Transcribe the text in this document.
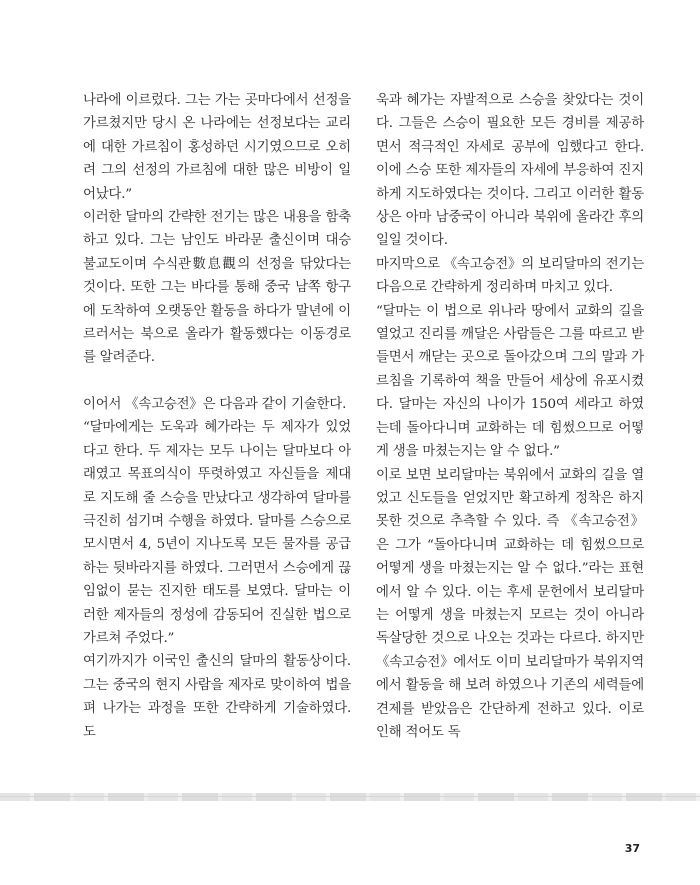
나라에 이르렀다. 그는 가는 곳마다에서 선정을 가르쳤지만 당시 온 나라에는 선정보다는 교리에 대한 가르침이 홍성하던 시기였으므로 오히려 그의 선정의 가르침에 대한 많은 비방이 일어났다.”

이러한 달마의 간략한 전기는 많은 내용을 함축하고 있다. 그는 남인도 바라문 출신이며 대승불교도이며 수식관數息觀의 선정을 닦았다는 것이다. 또한 그는 바다를 통해 중국 남쪽 항구에 도착하여 오랫동안 활동을 하다가 말년에 이르러서는 북으로 올라가 활동했다는 이동경로를 알려준다.

이어서 《속고승전》은 다음과 같이 기술한다.
“달마에게는 도욱과 혜가라는 두 제자가 있었다고 한다. 두 제자는 모두 나이는 달마보다 아래였고 목표의식이 뚜렷하였고 자신들을 제대로 지도해 줄 스승을 만났다고 생각하여 달마를 극진히 섬기며 수행을 하였다. 달마를 스승으로 모시면서 4, 5년이 지나도록 모든 물자를 공급하는 뒷바라지를 하였다. 그러면서 스승에게 끊임없이 묻는 진지한 태도를 보였다. 달마는 이러한 제자들의 정성에 감동되어 진실한 법으로 가르쳐 주었다.”

여기까지가 이국인 출신의 달마의 활동상이다. 그는 중국의 현지 사람을 제자로 맞이하여 법을 펴 나가는 과정을 또한 간략하게 기술하였다. 도

욱과 혜가는 자발적으로 스승을 찾았다는 것이다. 그들은 스승이 필요한 모든 경비를 제공하면서 적극적인 자세로 공부에 임했다고 한다. 이에 스승 또한 제자들의 자세에 부응하여 진지하게 지도하였다는 것이다. 그리고 이러한 활동상은 아마 남중국이 아니라 북위에 올라간 후의 일일 것이다.

마지막으로 《속고승전》의 보리달마의 전기는 다음으로 간략하게 정리하며 마치고 있다.

“달마는 이 법으로 위나라 땅에서 교화의 길을 열었고 진리를 깨달은 사람들은 그를 따르고 받들면서 깨닫는 곳으로 돌아갔으며 그의 말과 가르침을 기록하여 책을 만들어 세상에 유포시켰다. 달마는 자신의 나이가 150여 세라고 하였는데 돌아다니며 교화하는 데 힘썼으므로 어떻게 생을 마쳤는지는 알 수 없다.”

이로 보면 보리달마는 북위에서 교화의 길을 열었고 신도들을 얻었지만 확고하게 정착은 하지 못한 것으로 추측할 수 있다. 즉 《속고승전》은 그가 “돌아다니며 교화하는 데 힘썼으므로 어떻게 생을 마쳤는지는 알 수 없다.”라는 표현에서 알 수 있다. 이는 후세 문헌에서 보리달마는 어떻게 생을 마쳤는지 모르는 것이 아니라 독살당한 것으로 나오는 것과는 다르다. 하지만 《속고승전》에서도 이미 보리달마가 북위지역에서 활동을 해 보려 하였으나 기존의 세력들에 견제를 받았음은 간단하게 전하고 있다. 이로 인해 적어도 독

37
